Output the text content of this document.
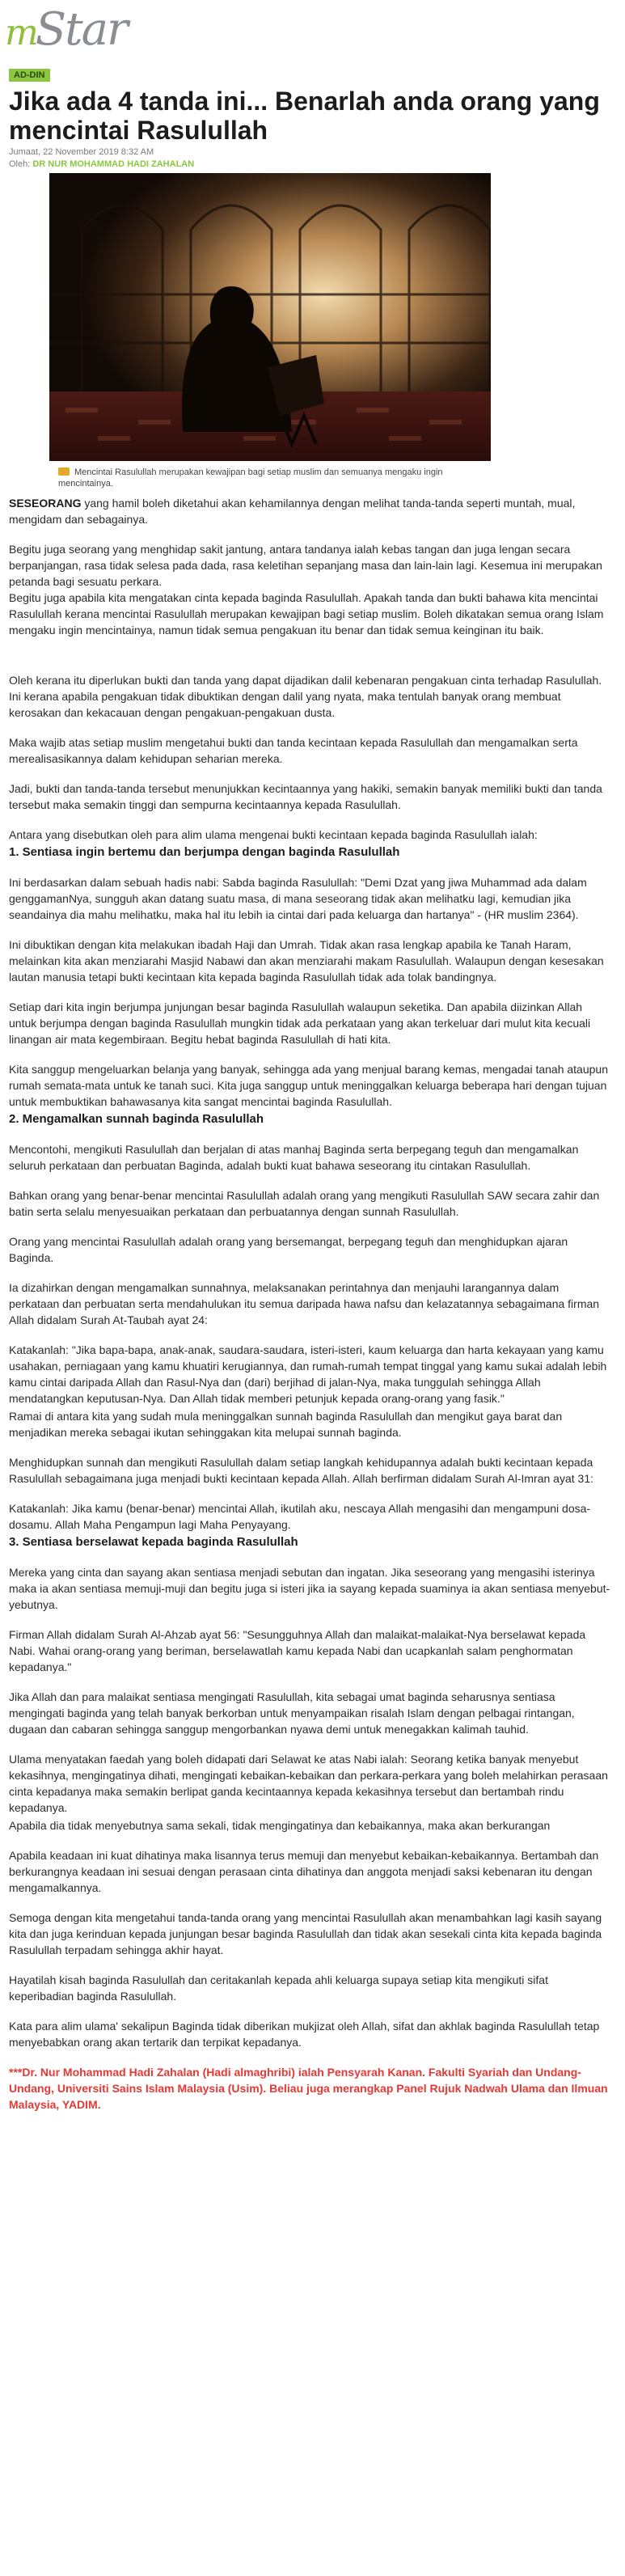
mStar
AD-DIN
Jika ada 4 tanda ini... Benarlah anda orang yang mencintai Rasulullah
Jumaat, 22 November 2019 8:32 AM
Oleh: DR NUR MOHAMMAD HADI ZAHALAN
Mencintai Rasulullah merupakan kewajipan bagi setiap muslim dan semuanya mengaku ingin mencintainya.

SESEORANG yang hamil boleh diketahui akan kehamilannya dengan melihat tanda-tanda seperti muntah, mual, mengidam dan sebagainya.

Begitu juga seorang yang menghidap sakit jantung, antara tandanya ialah kebas tangan dan juga lengan secara berpanjangan, rasa tidak selesa pada dada, rasa keletihan sepanjang masa dan lain-lain lagi. Kesemua ini merupakan petanda bagi sesuatu perkara.

Begitu juga apabila kita mengatakan cinta kepada baginda Rasulullah. Apakah tanda dan bukti bahawa kita mencintai Rasulullah kerana mencintai Rasulullah merupakan kewajipan bagi setiap muslim. Boleh dikatakan semua orang Islam mengaku ingin mencintainya, namun tidak semua pengakuan itu benar dan tidak semua keinginan itu baik.

Oleh kerana itu diperlukan bukti dan tanda yang dapat dijadikan dalil kebenaran pengakuan cinta terhadap Rasulullah. Ini kerana apabila pengakuan tidak dibuktikan dengan dalil yang nyata, maka tentulah banyak orang membuat kerosakan dan kekacauan dengan pengakuan-pengakuan dusta.

Maka wajib atas setiap muslim mengetahui bukti dan tanda kecintaan kepada Rasulullah dan mengamalkan serta merealisasikannya dalam kehidupan seharian mereka.

Jadi, bukti dan tanda-tanda tersebut menunjukkan kecintaannya yang hakiki, semakin banyak memiliki bukti dan tanda tersebut maka semakin tinggi dan sempurna kecintaannya kepada Rasulullah.

Antara yang disebutkan oleh para alim ulama mengenai bukti kecintaan kepada baginda Rasulullah ialah:

1. Sentiasa ingin bertemu dan berjumpa dengan baginda Rasulullah

Ini berdasarkan dalam sebuah hadis nabi: Sabda baginda Rasulullah: "Demi Dzat yang jiwa Muhammad ada dalam genggamanNya, sungguh akan datang suatu masa, di mana seseorang tidak akan melihatku lagi, kemudian jika seandainya dia mahu melihatku, maka hal itu lebih ia cintai dari pada keluarga dan hartanya" - (HR muslim 2364).

Ini dibuktikan dengan kita melakukan ibadah Haji dan Umrah. Tidak akan rasa lengkap apabila ke Tanah Haram, melainkan kita akan menziarahi Masjid Nabawi dan akan menziarahi makam Rasulullah. Walaupun dengan kesesakan lautan manusia tetapi bukti kecintaan kita kepada baginda Rasulullah tidak ada tolak bandingnya.

Setiap dari kita ingin berjumpa junjungan besar baginda Rasulullah walaupun seketika. Dan apabila diizinkan Allah untuk berjumpa dengan baginda Rasulullah mungkin tidak ada perkataan yang akan terkeluar dari mulut kita kecuali linangan air mata kegembiraan. Begitu hebat baginda Rasulullah di hati kita.

Kita sanggup mengeluarkan belanja yang banyak, sehingga ada yang menjual barang kemas, mengadai tanah ataupun rumah semata-mata untuk ke tanah suci. Kita juga sanggup untuk meninggalkan keluarga beberapa hari dengan tujuan untuk membuktikan bahawasanya kita sangat mencintai baginda Rasulullah.

2. Mengamalkan sunnah baginda Rasulullah

Mencontohi, mengikuti Rasulullah dan berjalan di atas manhaj Baginda serta berpegang teguh dan mengamalkan seluruh perkataan dan perbuatan Baginda, adalah bukti kuat bahawa seseorang itu cintakan Rasulullah.

Bahkan orang yang benar-benar mencintai Rasulullah adalah orang yang mengikuti Rasulullah SAW secara zahir dan batin serta selalu menyesuaikan perkataan dan perbuatannya dengan sunnah Rasulullah.

Orang yang mencintai Rasulullah adalah orang yang bersemangat, berpegang teguh dan menghidupkan ajaran Baginda.

Ia dizahirkan dengan mengamalkan sunnahnya, melaksanakan perintahnya dan menjauhi larangannya dalam perkataan dan perbuatan serta mendahulukan itu semua daripada hawa nafsu dan kelazatannya sebagaimana firman Allah didalam Surah At-Taubah ayat 24:

Katakanlah: "Jika bapa-bapa, anak-anak, saudara-saudara, isteri-isteri, kaum keluarga dan harta kekayaan yang kamu usahakan, perniagaan yang kamu khuatiri kerugiannya, dan rumah-rumah tempat tinggal yang kamu sukai adalah lebih kamu cintai daripada Allah dan Rasul-Nya dan (dari) berjihad di jalan-Nya, maka tunggulah sehingga Allah mendatangkan keputusan-Nya. Dan Allah tidak memberi petunjuk kepada orang-orang yang fasik."

Ramai di antara kita yang sudah mula meninggalkan sunnah baginda Rasulullah dan mengikut gaya barat dan menjadikan mereka sebagai ikutan sehinggakan kita melupai sunnah baginda.

Menghidupkan sunnah dan mengikuti Rasulullah dalam setiap langkah kehidupannya adalah bukti kecintaan kepada Rasulullah sebagaimana juga menjadi bukti kecintaan kepada Allah. Allah berfirman didalam Surah Al-Imran ayat 31:

Katakanlah: Jika kamu (benar-benar) mencintai Allah, ikutilah aku, nescaya Allah mengasihi dan mengampuni dosa-dosamu. Allah Maha Pengampun lagi Maha Penyayang.

3. Sentiasa berselawat kepada baginda Rasulullah

Mereka yang cinta dan sayang akan sentiasa menjadi sebutan dan ingatan. Jika seseorang yang mengasihi isterinya maka ia akan sentiasa memuji-muji dan begitu juga si isteri jika ia sayang kepada suaminya ia akan sentiasa menyebut-yebutnya.

Firman Allah didalam Surah Al-Ahzab ayat 56: "Sesungguhnya Allah dan malaikat-malaikat-Nya berselawat kepada Nabi. Wahai orang-orang yang beriman, berselawatlah kamu kepada Nabi dan ucapkanlah salam penghormatan kepadanya."

Jika Allah dan para malaikat sentiasa mengingati Rasulullah, kita sebagai umat baginda seharusnya sentiasa mengingati baginda yang telah banyak berkorban untuk menyampaikan risalah Islam dengan pelbagai rintangan, dugaan dan cabaran sehingga sanggup mengorbankan nyawa demi untuk menegakkan kalimah tauhid.

Ulama menyatakan faedah yang boleh didapati dari Selawat ke atas Nabi ialah: Seorang ketika banyak menyebut kekasihnya, mengingatinya dihati, mengingati kebaikan-kebaikan dan perkara-perkara yang boleh melahirkan perasaan cinta kepadanya maka semakin berlipat ganda kecintaannya kepada kekasihnya tersebut dan bertambah rindu kepadanya.

Apabila dia tidak menyebutnya sama sekali, tidak mengingatinya dan kebaikannya, maka akan berkurangan

Apabila keadaan ini kuat dihatinya maka lisannya terus memuji dan menyebut kebaikan-kebaikannya. Bertambah dan berkurangnya keadaan ini sesuai dengan perasaan cinta dihatinya dan anggota menjadi saksi kebenaran itu dengan mengamalkannya.

Semoga dengan kita mengetahui tanda-tanda orang yang mencintai Rasulullah akan menambahkan lagi kasih sayang kita dan juga kerinduan kepada junjungan besar baginda Rasulullah dan tidak akan sesekali cinta kita kepada baginda Rasulullah terpadam sehingga akhir hayat.

Hayatilah kisah baginda Rasulullah dan ceritakanlah kepada ahli keluarga supaya setiap kita mengikuti sifat keperibadian baginda Rasulullah.

Kata para alim ulama' sekalipun Baginda tidak diberikan mukjizat oleh Allah, sifat dan akhlak baginda Rasulullah tetap menyebabkan orang akan tertarik dan terpikat kepadanya.

***Dr. Nur Mohammad Hadi Zahalan (Hadi almaghribi) ialah Pensyarah Kanan. Fakulti Syariah dan Undang-Undang, Universiti Sains Islam Malaysia (Usim). Beliau juga merangkap Panel Rujuk Nadwah Ulama dan Ilmuan Malaysia, YADIM.
